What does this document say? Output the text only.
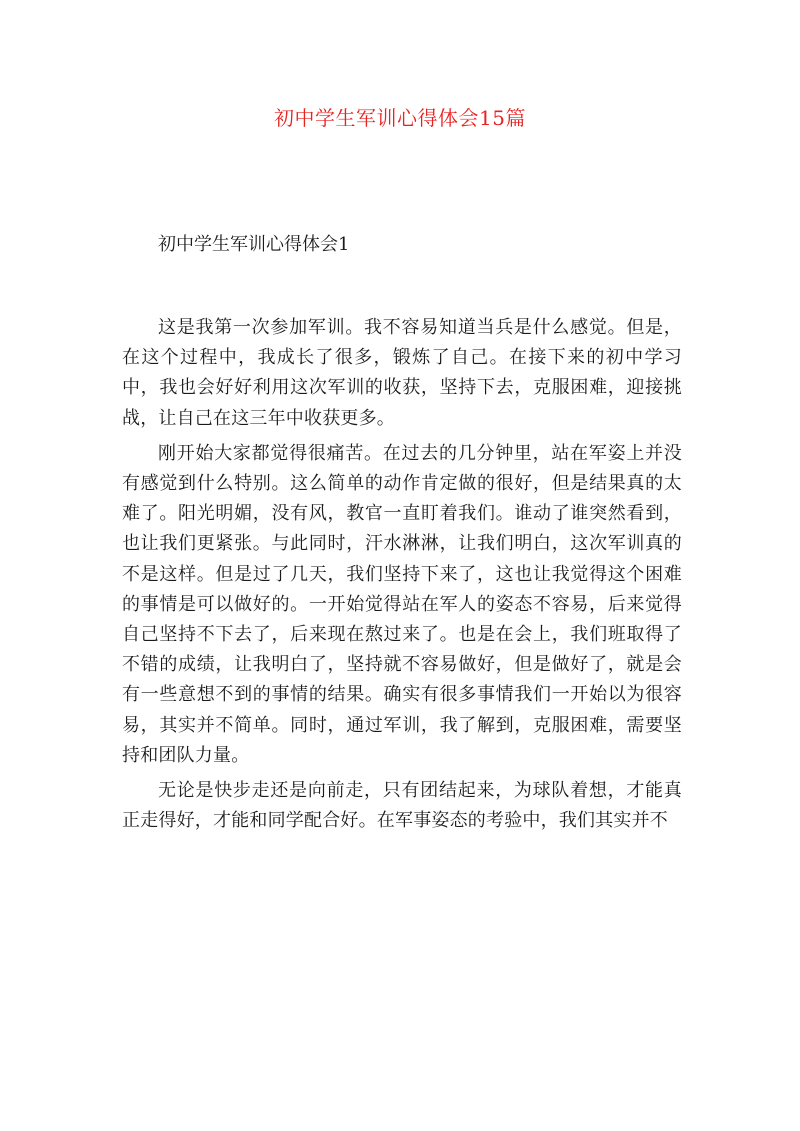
初中学生军训心得体会15篇
初中学生军训心得体会1

这是我第一次参加军训。我不容易知道当兵是什么感觉。但是，在这个过程中，我成长了很多，锻炼了自己。在接下来的初中学习中，我也会好好利用这次军训的收获，坚持下去，克服困难，迎接挑战，让自己在这三年中收获更多。

刚开始大家都觉得很痛苦。在过去的几分钟里，站在军姿上并没有感觉到什么特别。这么简单的动作肯定做的很好，但是结果真的太难了。阳光明媚，没有风，教官一直盯着我们。谁动了谁突然看到，也让我们更紧张。与此同时，汗水淋淋，让我们明白，这次军训真的不是这样。但是过了几天，我们坚持下来了，这也让我觉得这个困难的事情是可以做好的。一开始觉得站在军人的姿态不容易，后来觉得自己坚持不下去了，后来现在熬过来了。也是在会上，我们班取得了不错的成绩，让我明白了，坚持就不容易做好，但是做好了，就是会有一些意想不到的事情的结果。确实有很多事情我们一开始以为很容易，其实并不简单。同时，通过军训，我了解到，克服困难，需要坚持和团队力量。

无论是快步走还是向前走，只有团结起来，为球队着想，才能真正走得好，才能和同学配合好。在军事姿态的考验中，我们其实并不
